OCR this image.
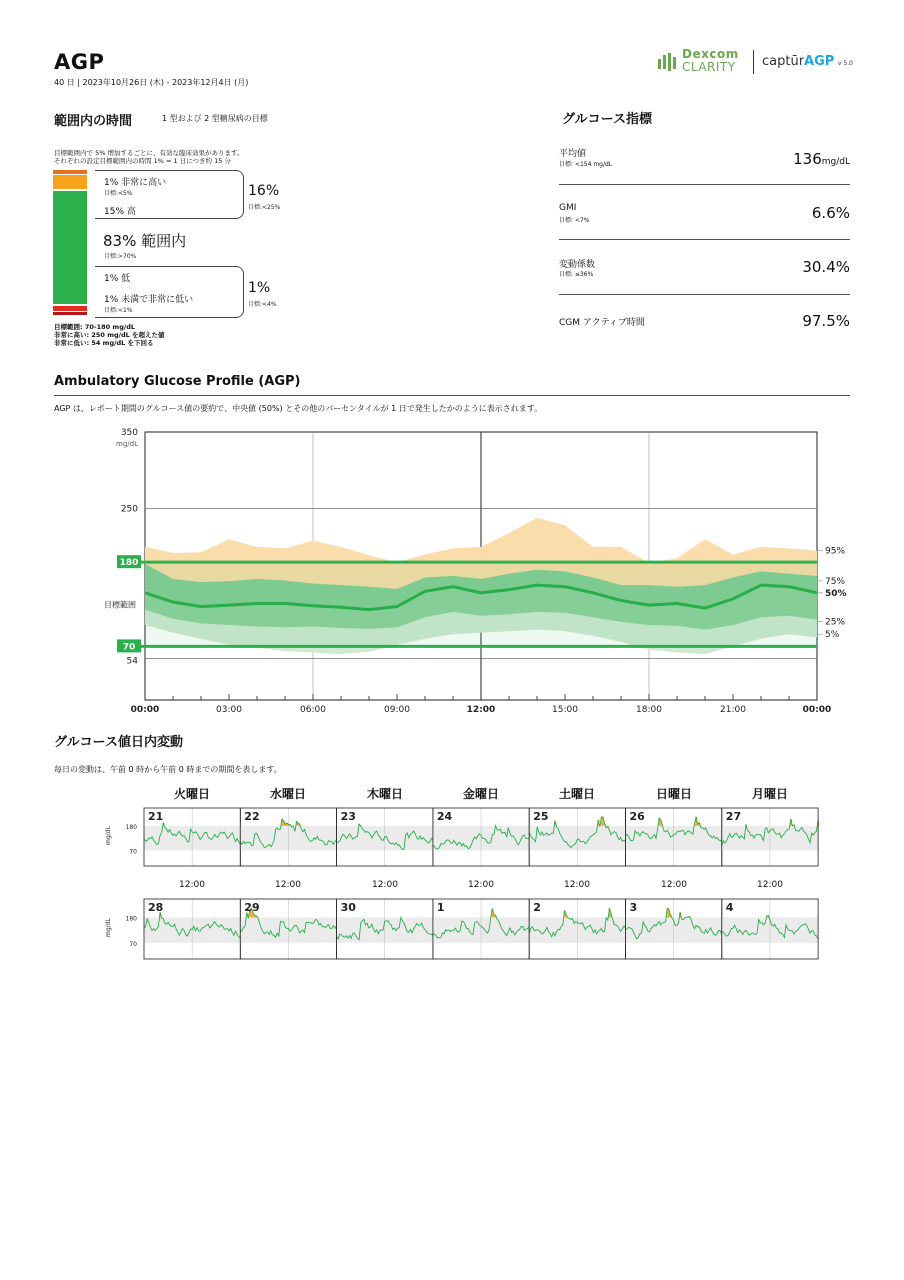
AGP
40 日 | 2023年10月26日 (木) - 2023年12月4日 (月)
Dexcom
CLARITY captūrAGP v 5.0
範囲内の時間	1 型および 2 型糖尿病の目標
目標範囲内で 5% 増加するごとに、有効な臨床効果があります。
それぞれの設定目標範囲内の時間 1% = 1 日につき約 15 分
1% 非常に高い
目標:<5%
15% 高
16%
目標:<25%
83% 範囲内
目標:>70%
1% 低
1% 未満で非常に低い
目標:<1%
1%
目標:<4%
目標範囲: 70-180 mg/dL
非常に高い: 250 mg/dL を超えた値
非常に低い: 54 mg/dL を下回る
グルコース指標
平均値
目標: <154 mg/dL	136mg/dL
GMI
目標: <7%	6.6%
変動係数
目標: ≤36%	30.4%
CGM アクティブ時間	97.5%
Ambulatory Glucose Profile (AGP)
AGP は、レポート期間のグルコース値の要約で、中央値 (50%) とその他のパーセンタイルが 1 日で発生したかのように表示されます。
350
mg/dL
250
180
70
54
目標範囲
95%
75%
50%
25%
5%
00:00	03:00	06:00	09:00	12:00	15:00	18:00	21:00	00:00
mg/dL 180
70
21	22	23	24	25	26	27
mg/dL 180
70
28	29	30	1	2	3	4
グルコース値日内変動
毎日の変動は、午前 0 時から午前 0 時までの期間を表します。
火曜日	水曜日	木曜日	金曜日	土曜日	日曜日	月曜日
12:00	12:00	12:00	12:00	12:00	12:00	12:00
